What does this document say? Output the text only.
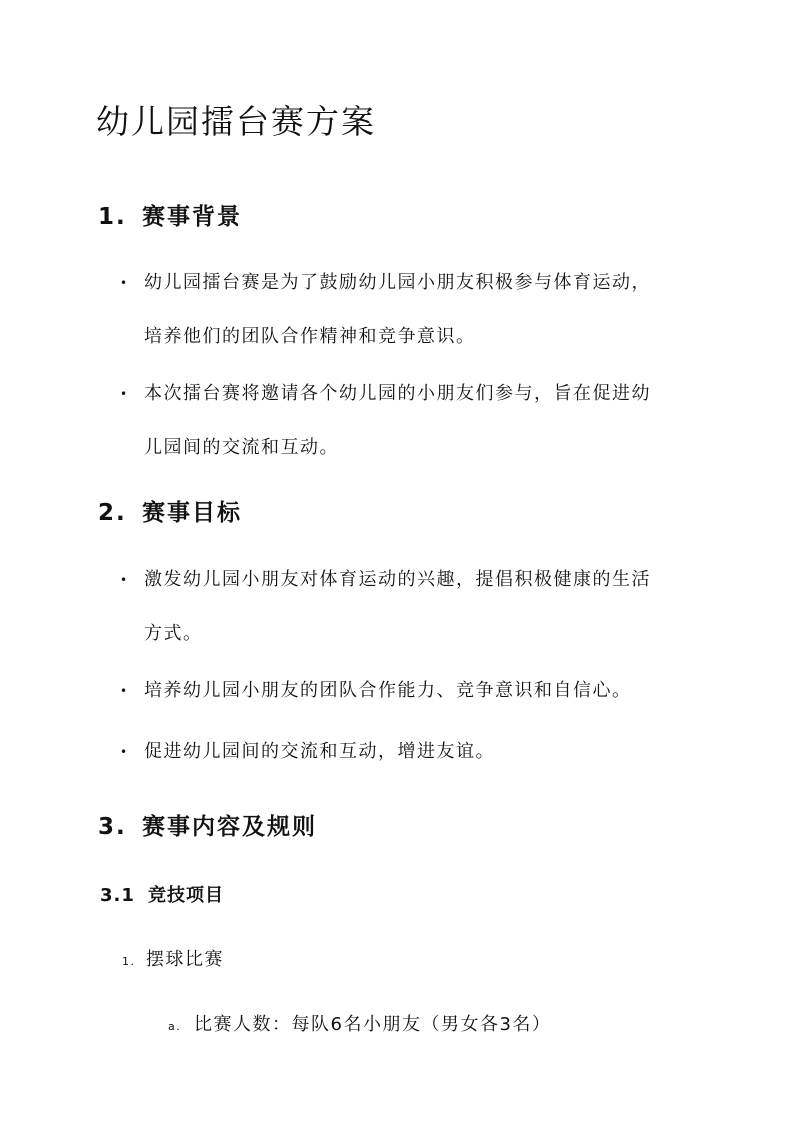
幼儿园擂台赛方案
1. 赛事背景
• 幼儿园擂台赛是为了鼓励幼儿园小朋友积极参与体育运动，
培养他们的团队合作精神和竞争意识。
• 本次擂台赛将邀请各个幼儿园的小朋友们参与，旨在促进幼
儿园间的交流和互动。
2. 赛事目标
• 激发幼儿园小朋友对体育运动的兴趣，提倡积极健康的生活
方式。
• 培养幼儿园小朋友的团队合作能力、竞争意识和自信心。
• 促进幼儿园间的交流和互动，增进友谊。
3. 赛事内容及规则
3.1 竞技项目
1. 摆球比赛
a. 比赛人数：每队6名小朋友（男女各3名）
